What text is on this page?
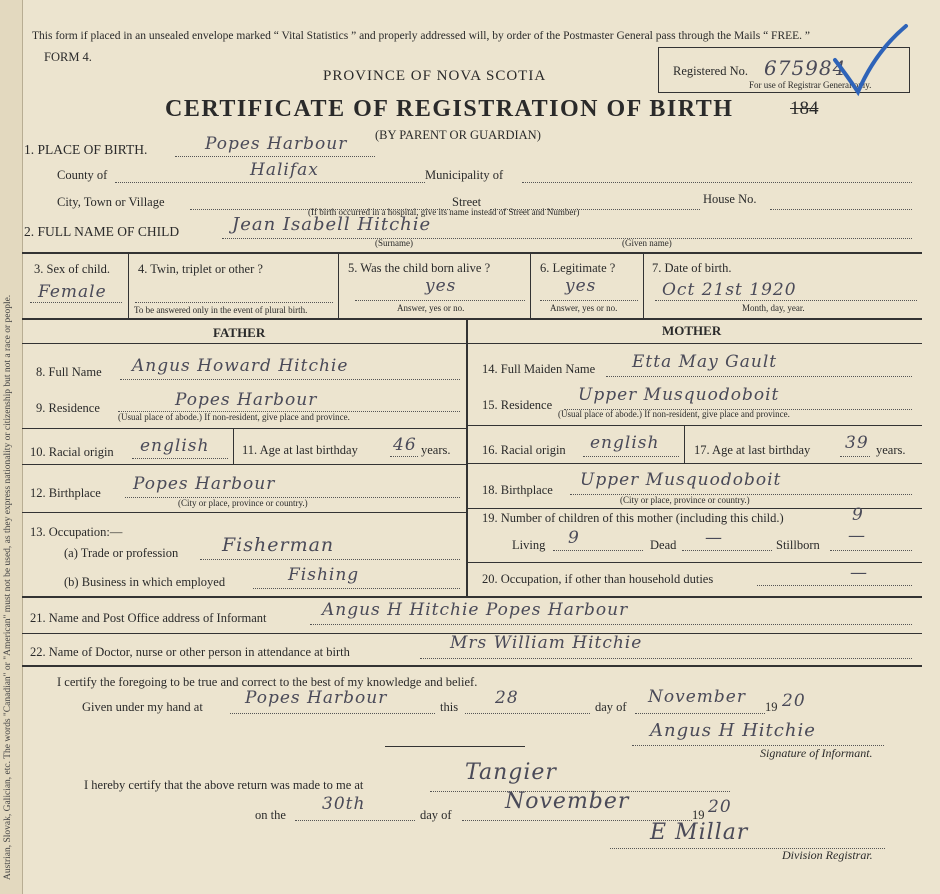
Austrian, Slovak, Galician, etc. The words "Canadian" or "American" must not be used, as they express nationality or citizenship but not a race or people.
This form if placed in an unsealed envelope marked “ Vital Statistics ” and properly addressed will, by order of the Postmaster General pass through the Mails “ FREE. ”
FORM 4.
PROVINCE OF NOVA SCOTIA	Registered No. 675984
For use of Registrar General only.
CERTIFICATE OF REGISTRATION OF BIRTH	184
(BY PARENT OR GUARDIAN)
1. PLACE OF BIRTH.	Popes Harbour
County of	Halifax	Municipality of
City, Town or Village	Street	House No.
(If birth occurred in a hospital, give its name instead of Street and Number)
2. FULL NAME OF CHILD	Jean Isabell Hitchie
(Surname)	(Given name)
3. Sex of child.
Female
4. Twin, triplet or other ?
To be answered only in the event of plural birth.
5. Was the child born alive ?
yes
Answer, yes or no.
6. Legitimate ?
yes
Answer, yes or no.
7. Date of birth.
Oct 21st 1920
Month, day, year.
FATHER	MOTHER
8. Full Name Angus Howard Hitchie
9. Residence	Popes Harbour
(Usual place of abode.) If non-resident, give place and province.
10. Racial origin english	11. Age at last birthday 46 years.
12. Birthplace Popes Harbour
(City or place, province or country.)
13. Occupation:—
(a) Trade or profession Fisherman
(b) Business in which employed	Fishing
14. Full Maiden Name Etta May Gault
15. Residence Upper Musquodoboit
(Usual place of abode.) If non-resident, give place and province.
16. Racial origin english	17. Age at last birthday 39 years.
18. Birthplace Upper Musquodoboit
(City or place, province or country.)
19. Number of children of this mother (including this child.)	9
Living 9	Dead —	Stillborn —
20. Occupation, if other than household duties	—
21. Name and Post Office address of Informant	Angus H Hitchie Popes Harbour
22. Name of Doctor, nurse or other person in attendance at birth	Mrs William Hitchie
I certify the foregoing to be true and correct to the best of my knowledge and belief.
Given under my hand at Popes Harbour	this 28	day of November 19 20
Angus H Hitchie
Signature of Informant.
I hereby certify that the above return was made to me at	Tangier
on the
30th
day of
November
19 20
E Millar
Division Registrar.
